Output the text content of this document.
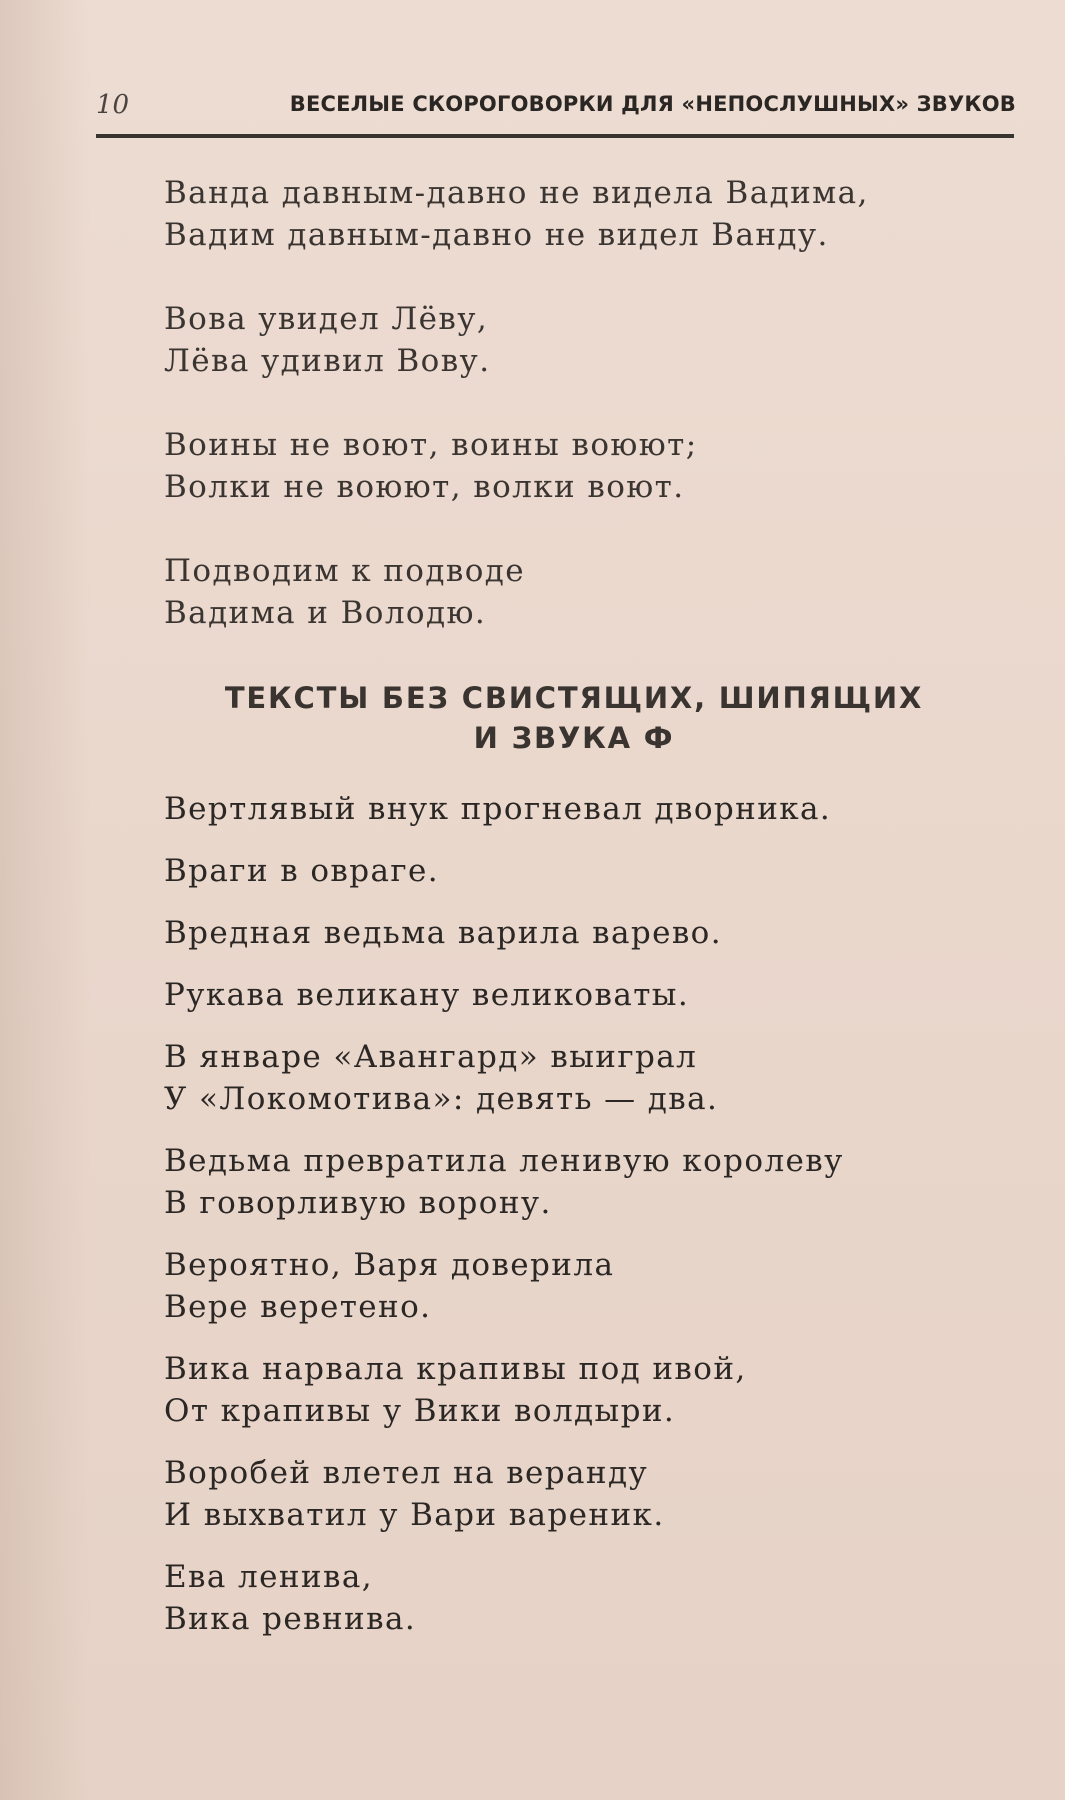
10	ВЕСЕЛЫЕ СКОРОГОВОРКИ ДЛЯ «НЕПОСЛУШНЫХ» ЗВУКОВ

Ванда давным-давно не видела Вадима,
Вадим давным-давно не видел Ванду.

Вова увидел Лёву,
Лёва удивил Вову.

Воины не воют, воины воюют;
Волки не воюют, волки воют.

Подводим к подводе
Вадима и Володю.

ТЕКСТЫ БЕЗ СВИСТЯЩИХ, ШИПЯЩИХ
И ЗВУКА Ф

Вертлявый внук прогневал дворника.

Враги в овраге.

Вредная ведьма варила варево.

Рукава великану великоваты.

В январе «Авангард» выиграл
У «Локомотива»: девять — два.

Ведьма превратила ленивую королеву
В говорливую ворону.

Вероятно, Варя доверила
Вере веретено.

Вика нарвала крапивы под ивой,
От крапивы у Вики волдыри.

Воробей влетел на веранду
И выхватил у Вари вареник.

Ева ленива,
Вика ревнива.
